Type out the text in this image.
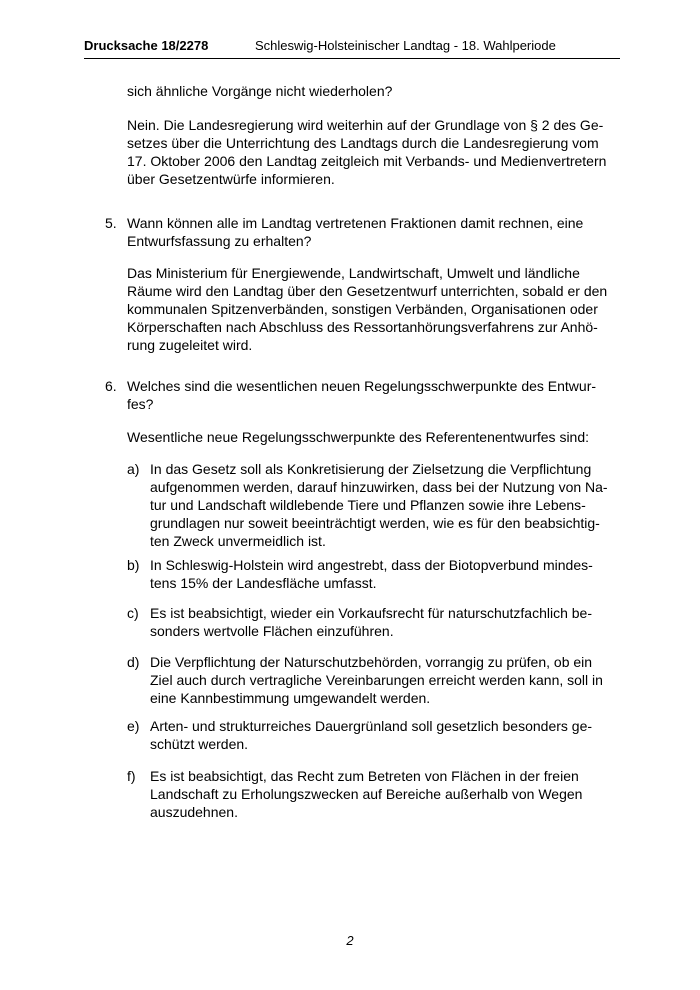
Drucksache 18/2278	Schleswig-Holsteinischer Landtag - 18. Wahlperiode

sich ähnliche Vorgänge nicht wiederholen?

Nein. Die Landesregierung wird weiterhin auf der Grundlage von § 2 des Ge-
setzes über die Unterrichtung des Landtags durch die Landesregierung vom
17. Oktober 2006 den Landtag zeitgleich mit Verbands- und Medienvertretern
über Gesetzentwürfe informieren.
5. Wann können alle im Landtag vertretenen Fraktionen damit rechnen, eine
Entwurfsfassung zu erhalten?
Das Ministerium für Energiewende, Landwirtschaft, Umwelt und ländliche
Räume wird den Landtag über den Gesetzentwurf unterrichten, sobald er den
kommunalen Spitzenverbänden, sonstigen Verbänden, Organisationen oder
Körperschaften nach Abschluss des Ressortanhörungsverfahrens zur Anhö-
rung zugeleitet wird.
6. Welches sind die wesentlichen neuen Regelungsschwerpunkte des Entwur-
fes?

Wesentliche neue Regelungsschwerpunkte des Referentenentwurfes sind:

a) In das Gesetz soll als Konkretisierung der Zielsetzung die Verpflichtung
aufgenommen werden, darauf hinzuwirken, dass bei der Nutzung von Na-
tur und Landschaft wildlebende Tiere und Pflanzen sowie ihre Lebens-
grundlagen nur soweit beeinträchtigt werden, wie es für den beabsichtig-
ten Zweck unvermeidlich ist.
b) In Schleswig-Holstein wird angestrebt, dass der Biotopverbund mindes-
tens 15% der Landesfläche umfasst.
c) Es ist beabsichtigt, wieder ein Vorkaufsrecht für naturschutzfachlich be-
sonders wertvolle Flächen einzuführen.
d) Die Verpflichtung der Naturschutzbehörden, vorrangig zu prüfen, ob ein
Ziel auch durch vertragliche Vereinbarungen erreicht werden kann, soll in
eine Kannbestimmung umgewandelt werden.
e) Arten- und strukturreiches Dauergrünland soll gesetzlich besonders ge-
schützt werden.
f) Es ist beabsichtigt, das Recht zum Betreten von Flächen in der freien
Landschaft zu Erholungszwecken auf Bereiche außerhalb von Wegen
auszudehnen.
2
